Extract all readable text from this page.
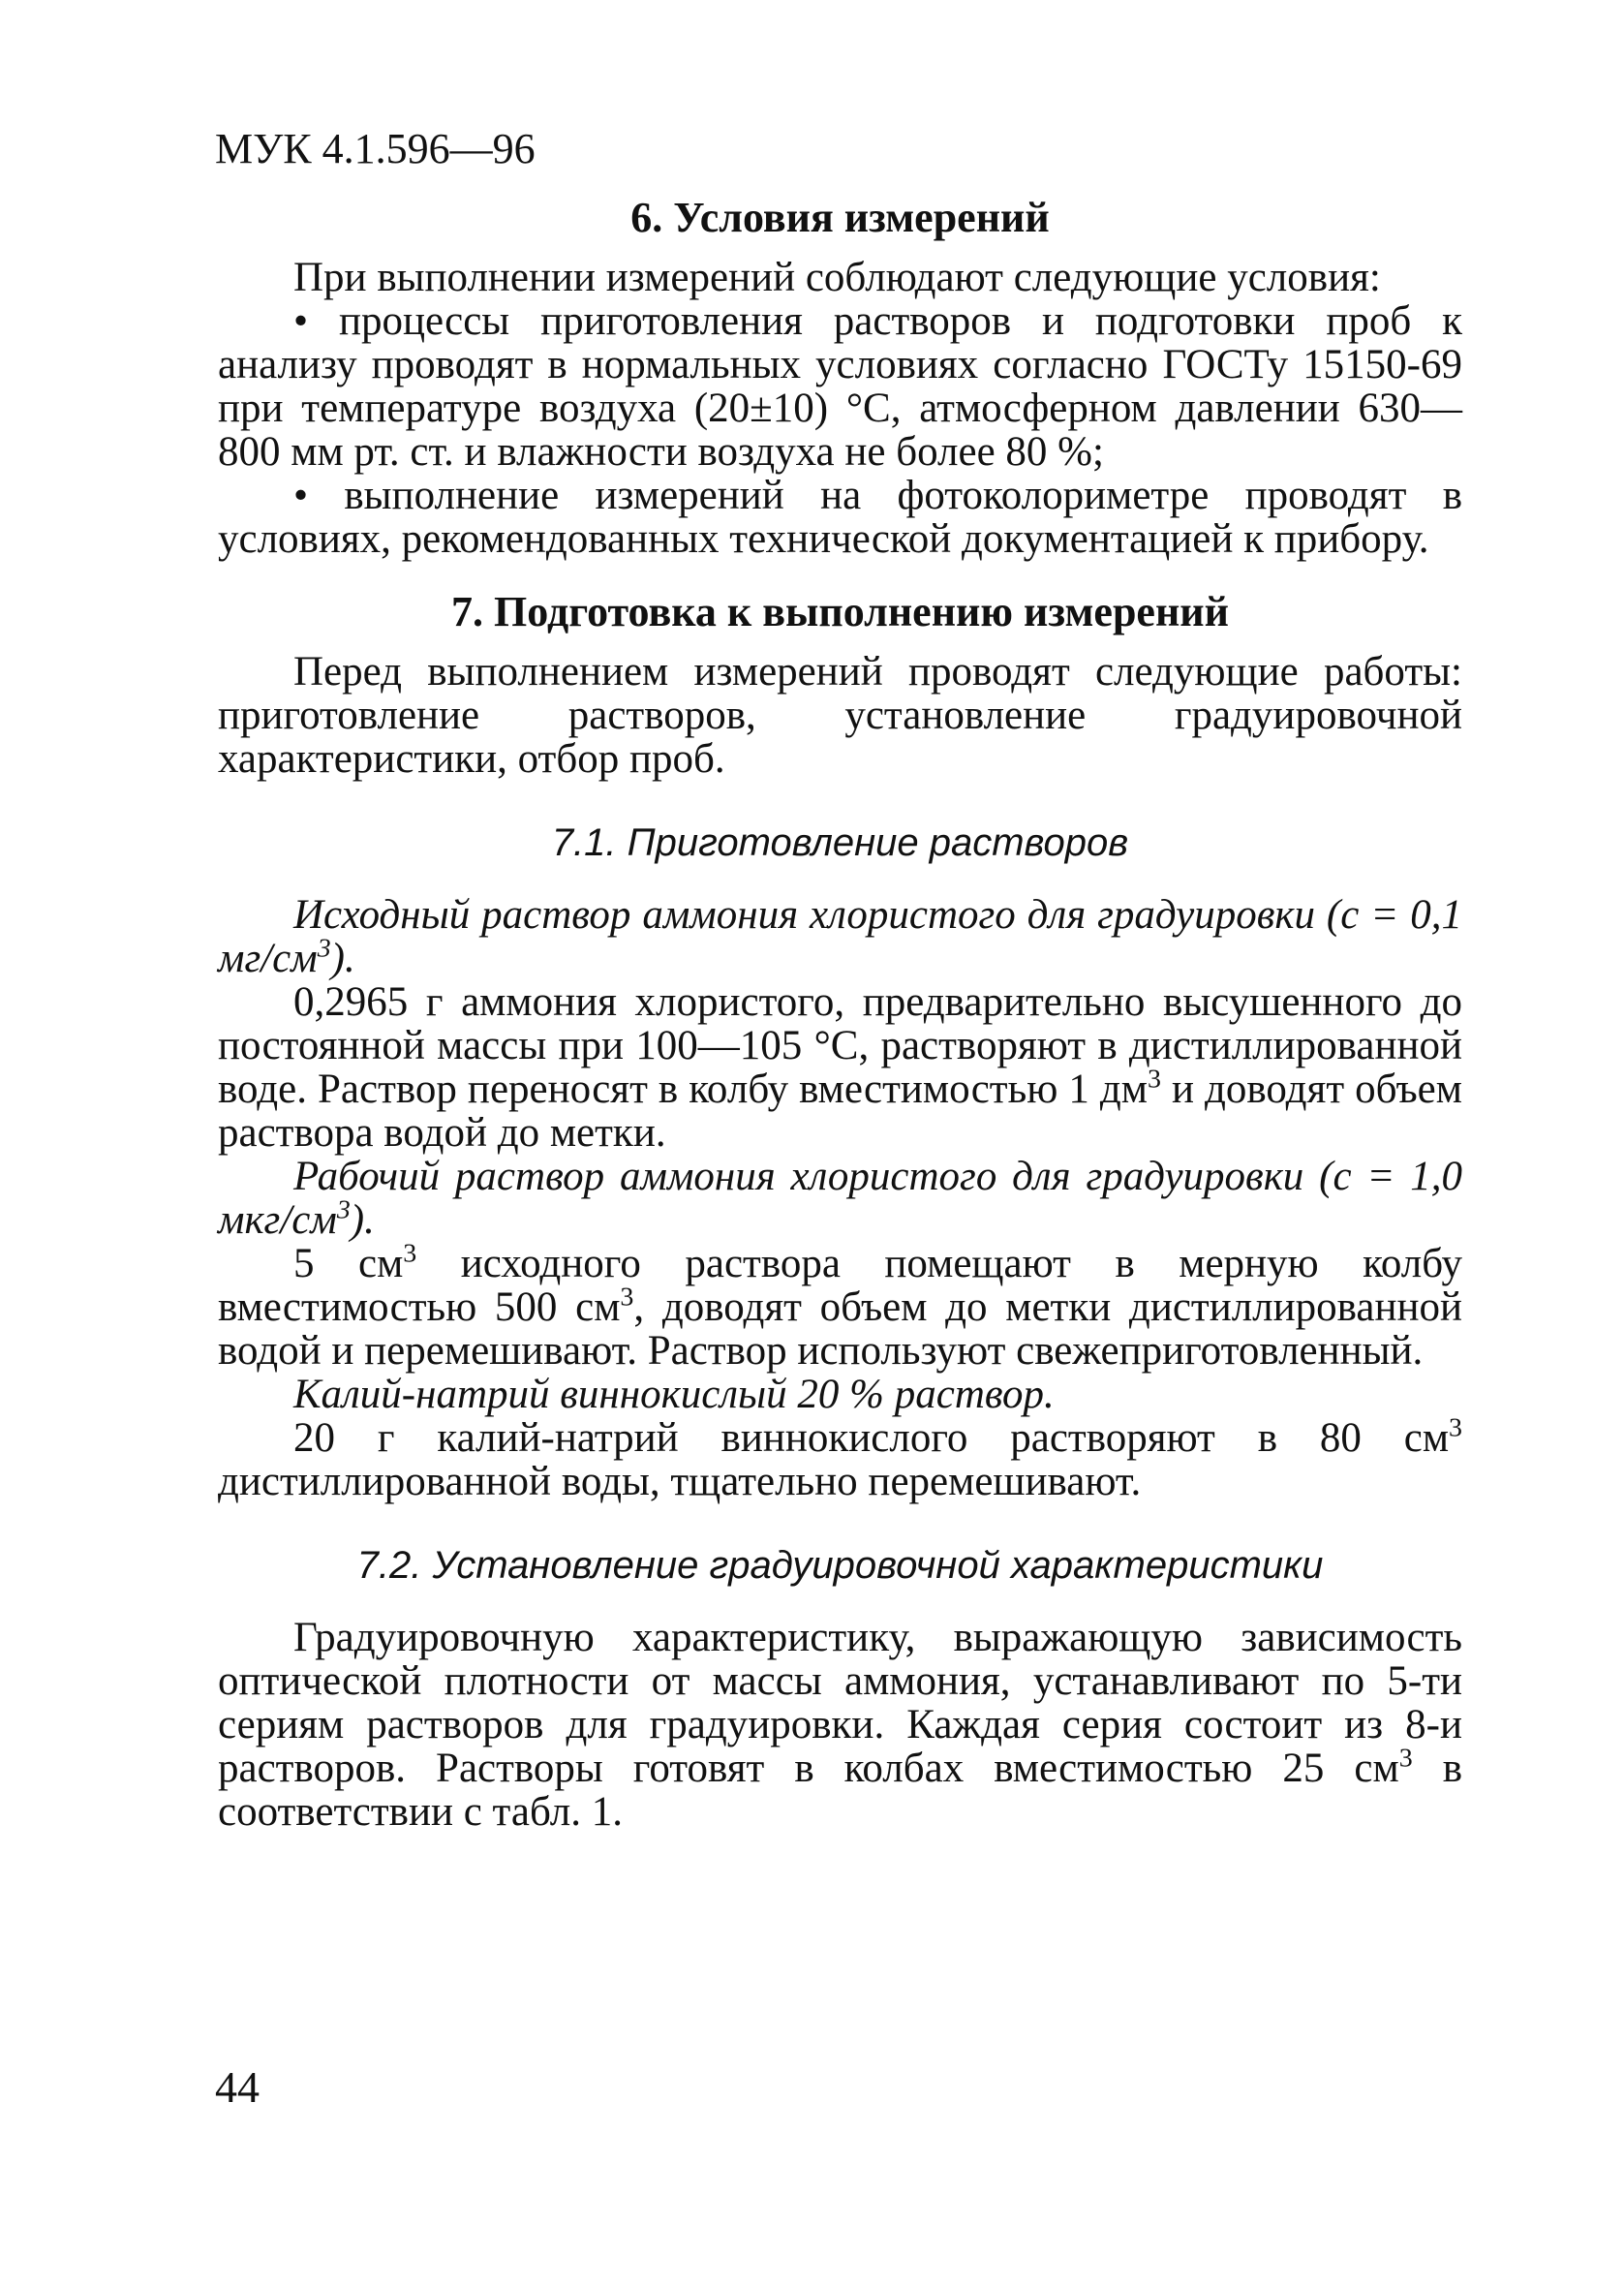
МУК 4.1.596—96
6. Условия измерений

При выполнении измерений соблюдают следующие условия:

• процессы приготовления растворов и подготовки проб к анализу проводят в нормальных условиях согласно ГОСТу 15150-69 при температуре воздуха (20±10) °С, атмосферном давлении 630—800 мм рт. ст. и влажности воздуха не более 80 %;

• выполнение измерений на фотоколориметре проводят в условиях, рекомендованных технической документацией к прибору.

7. Подготовка к выполнению измерений

Перед выполнением измерений проводят следующие работы: приготовление растворов, установление градуировочной характеристики, отбор проб.

7.1. Приготовление растворов

Исходный раствор аммония хлористого для градуировки (с = 0,1 $мг/см^3$).

0,2965 г аммония хлористого, предварительно высушенного до постоянной массы при 100—105 °С, растворяют в дистиллированной воде. Раствор переносят в колбу вместимостью 1 $дм^3$ и доводят объем раствора водой до метки.

Рабочий раствор аммония хлористого для градуировки (с = 1,0 мкг/$см^3$).

5 $см^3$ исходного раствора помещают в мерную колбу вместимостью 500 $см^3$, доводят объем до метки дистиллированной водой и перемешивают. Раствор используют свежеприготовленный.

Калий-натрий виннокислый 20 % раствор.

20 г калий-натрий виннокислого растворяют в 80 $см^3$ дистиллированной воды, тщательно перемешивают.

7.2. Установление градуировочной характеристики

Градуировочную характеристику, выражающую зависимость оптической плотности от массы аммония, устанавливают по 5-ти сериям растворов для градуировки. Каждая серия состоит из 8-и растворов. Растворы готовят в колбах вместимостью 25 $см^3$ в соответствии с табл. 1.

44
